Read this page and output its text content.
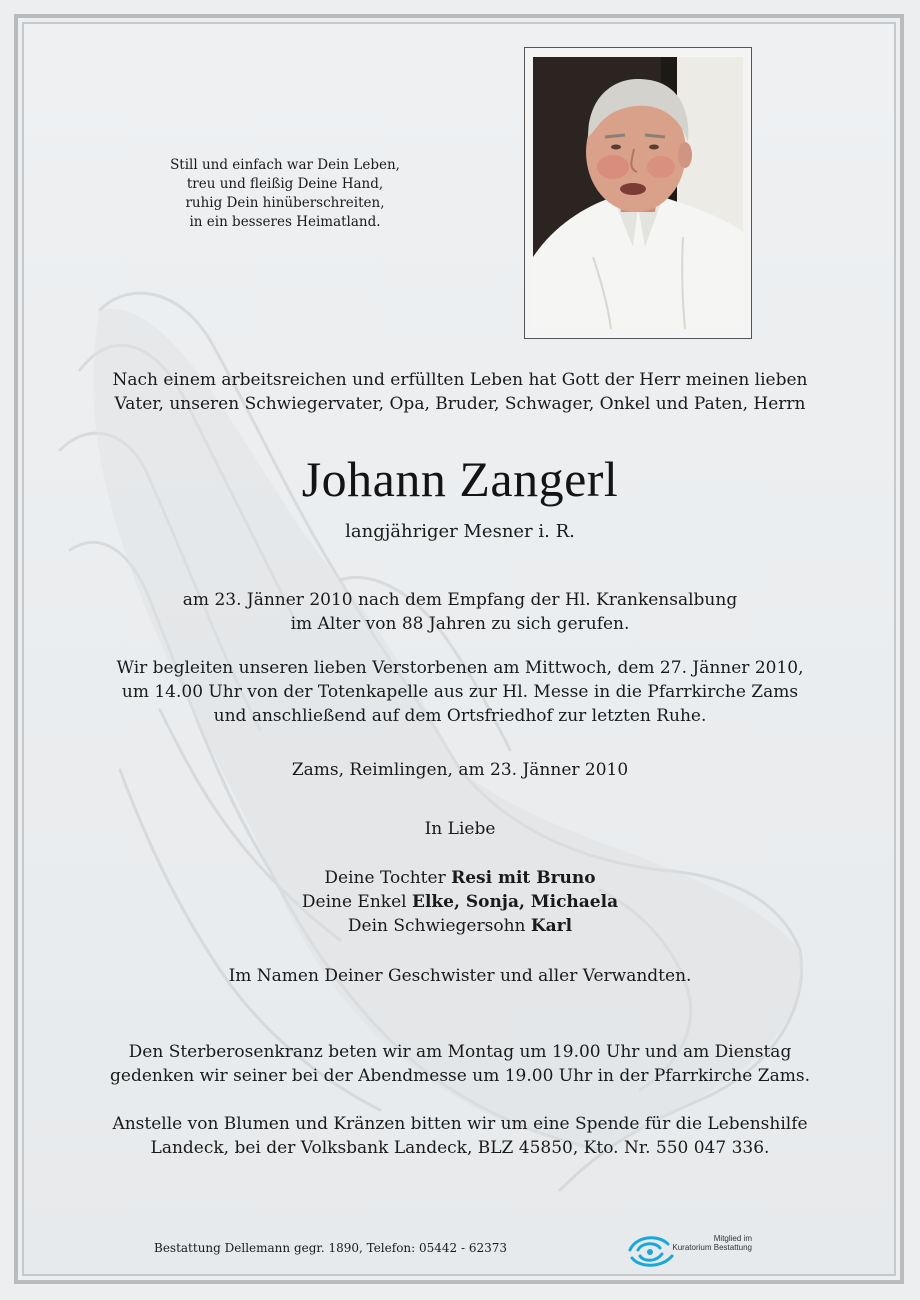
Still und einfach war Dein Leben,
treu und fleißig Deine Hand,
ruhig Dein hinüberschreiten,
in ein besseres Heimatland.
Nach einem arbeitsreichen und erfüllten Leben hat Gott der Herr meinen lieben
Vater, unseren Schwiegervater, Opa, Bruder, Schwager, Onkel und Paten, Herrn
Johann Zangerl
langjähriger Mesner i. R.
am 23. Jänner 2010 nach dem Empfang der Hl. Krankensalbung
im Alter von 88 Jahren zu sich gerufen.
Wir begleiten unseren lieben Verstorbenen am Mittwoch, dem 27. Jänner 2010,
um 14.00 Uhr von der Totenkapelle aus zur Hl. Messe in die Pfarrkirche Zams
und anschließend auf dem Ortsfriedhof zur letzten Ruhe.
Zams, Reimlingen, am 23. Jänner 2010
In Liebe
Deine Tochter Resi mit Bruno
Deine Enkel Elke, Sonja, Michaela
Dein Schwiegersohn Karl
Im Namen Deiner Geschwister und aller Verwandten.
Den Sterberosenkranz beten wir am Montag um 19.00 Uhr und am Dienstag
gedenken wir seiner bei der Abendmesse um 19.00 Uhr in der Pfarrkirche Zams.
Anstelle von Blumen und Kränzen bitten wir um eine Spende für die Lebenshilfe
Landeck, bei der Volksbank Landeck, BLZ 45850, Kto. Nr. 550 047 336.
Bestattung Dellemann gegr. 1890, Telefon: 05442 - 62373
Mitglied im
Kuratorium Bestattung
